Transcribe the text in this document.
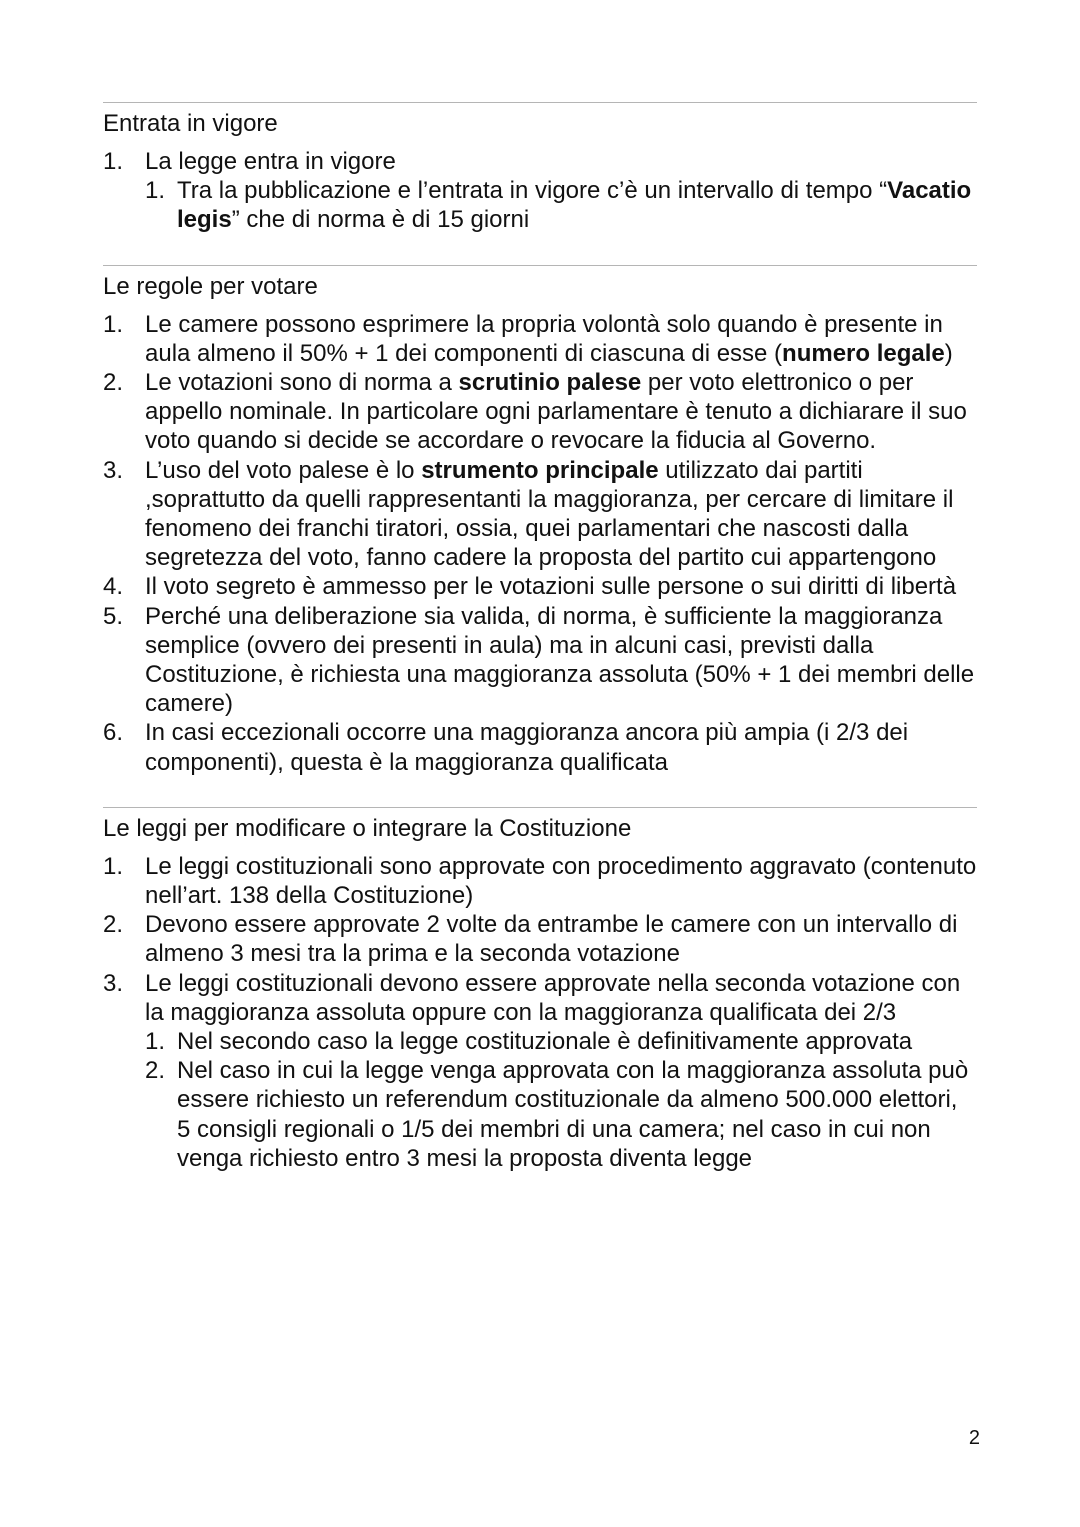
Entrata in vigore
1. La legge entra in vigore
1. Tra la pubblicazione e l’entrata in vigore c’è un intervallo di tempo “Vacatio legis” che di norma è di 15 giorni
Le regole per votare
1. Le camere possono esprimere la propria volontà solo quando è presente in aula almeno il 50% + 1 dei componenti di ciascuna di esse (numero legale)
2. Le votazioni sono di norma a scrutinio palese per voto elettronico o per appello nominale. In particolare ogni parlamentare è tenuto a dichiarare il suo voto quando si decide se accordare o revocare la fiducia al Governo.
3. L’uso del voto palese è lo strumento principale utilizzato dai partiti ,soprattutto da quelli rappresentanti la maggioranza, per cercare di limitare il fenomeno dei franchi tiratori, ossia, quei parlamentari che nascosti dalla segretezza del voto, fanno cadere la proposta del partito cui appartengono
4. Il voto segreto è ammesso per le votazioni sulle persone o sui diritti di libertà
5. Perché una deliberazione sia valida, di norma, è sufficiente la maggioranza semplice (ovvero dei presenti in aula) ma in alcuni casi, previsti dalla Costituzione, è richiesta una maggioranza assoluta (50% + 1 dei membri delle camere)
6. In casi eccezionali occorre una maggioranza ancora più ampia (i 2/3 dei componenti), questa è la maggioranza qualificata
Le leggi per modificare o integrare la Costituzione
1. Le leggi costituzionali sono approvate con procedimento aggravato (contenuto nell’art. 138 della Costituzione)
2. Devono essere approvate 2 volte da entrambe le camere con un intervallo di almeno 3 mesi tra la prima e la seconda votazione
3. Le leggi costituzionali devono essere approvate nella seconda votazione con la maggioranza assoluta oppure con la maggioranza qualificata dei 2/3
1. Nel secondo caso la legge costituzionale è definitivamente approvata
2. Nel caso in cui la legge venga approvata con la maggioranza assoluta può essere richiesto un referendum costituzionale da almeno 500.000 elettori, 5 consigli regionali o 1/5 dei membri di una camera; nel caso in cui non venga richiesto entro 3 mesi la proposta diventa legge
2
